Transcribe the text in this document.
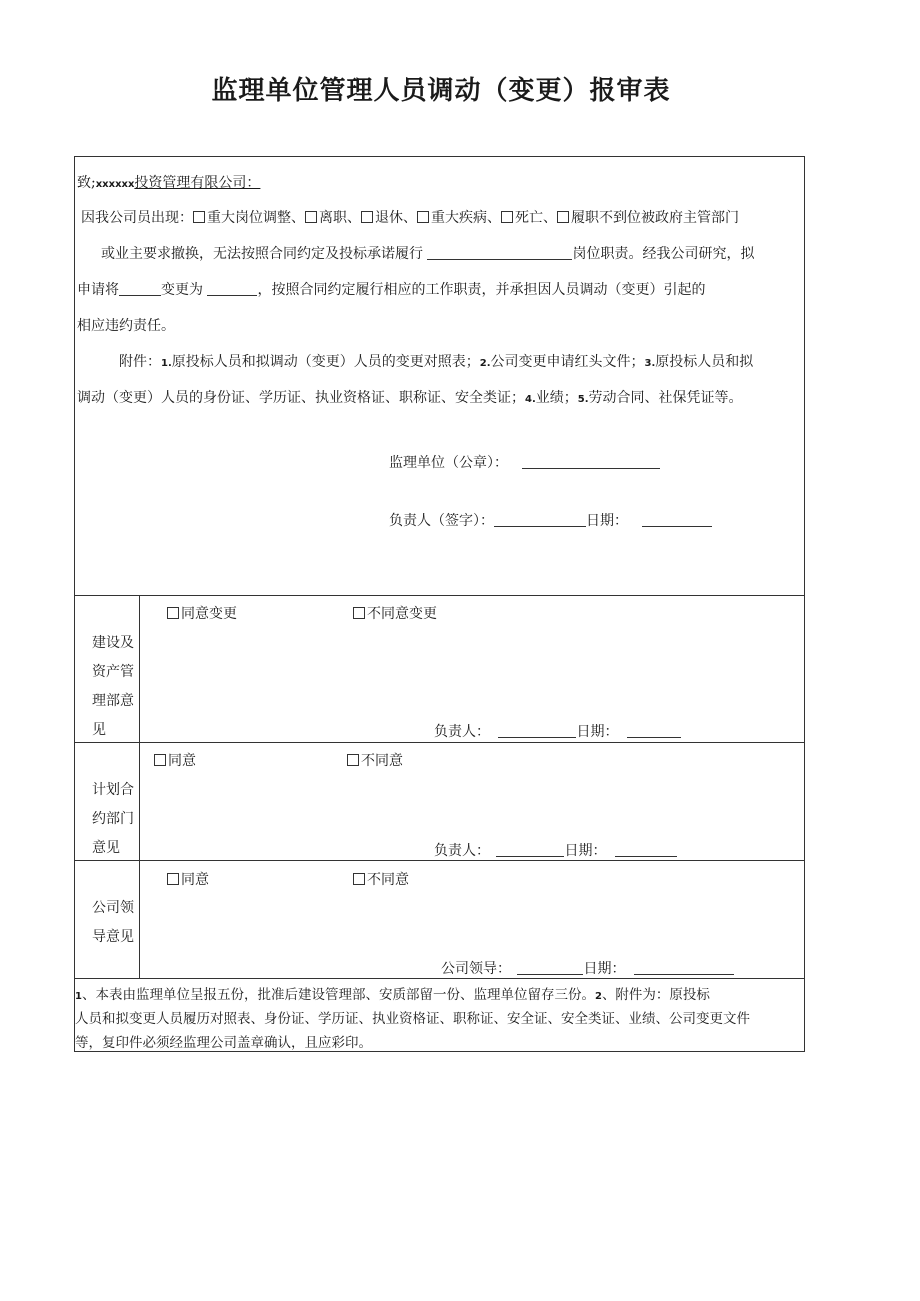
监理单位管理人员调动（变更）报审表
致;xxxxxx投资管理有限公司：
因我公司员出现： 重大岗位调整、 离职、 退休、 重大疾病、 死亡、 履职不到位被政府主管部门
或业主要求撤换，无法按照合同约定及投标承诺履行	岗位职责。经我公司研究，拟
申请将	变更为	，按照合同约定履行相应的工作职责，并承担因人员调动（变更）引起的
相应违约责任。
附件：1.原投标人员和拟调动（变更）人员的变更对照表；2.公司变更申请红头文件；3.原投标人员和拟
调动（变更）人员的身份证、学历证、执业资格证、职称证、安全类证；4.业绩；5.劳动合同、社保凭证等。
监理单位（公章）：
负责人（签字）：	日期：
建设及资产管理部意见
同意变更	不同意变更
负责人：	日期：
计划合约部门意见
同意	不同意
负责人：	日期：
公司领导意见
同意	不同意
公司领导：	日期：
1、本表由监理单位呈报五份，批准后建设管理部、安质部留一份、监理单位留存三份。2、附件为：原投标
人员和拟变更人员履历对照表、身份证、学历证、执业资格证、职称证、安全证、安全类证、业绩、公司变更文件
等，复印件必须经监理公司盖章确认，且应彩印。
